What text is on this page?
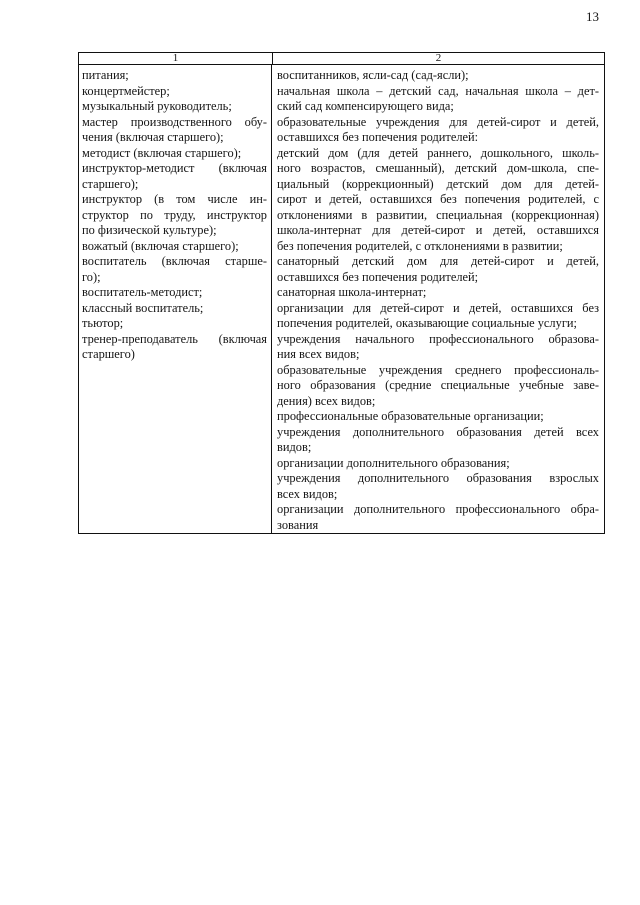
13
1	2
питания;
концертмейстер;
музыкальный руководитель;
мастер производственного обу-
чения (включая старшего);
методист (включая старшего);
инструктор-методист (включая
старшего);
инструктор (в том числе ин-
структор по труду, инструктор
по физической культуре);
вожатый (включая старшего);
воспитатель (включая старше-
го);
воспитатель-методист;
классный воспитатель;
тьютор;
тренер-преподаватель (включая
старшего)
воспитанников, ясли-сад (сад-ясли);
начальная школа – детский сад, начальная школа – дет-
ский сад компенсирующего вида;
образовательные учреждения для детей-сирот и детей,
оставшихся без попечения родителей:
детский дом (для детей раннего, дошкольного, школь-
ного возрастов, смешанный), детский дом-школа, спе-
циальный (коррекционный) детский дом для детей-
сирот и детей, оставшихся без попечения родителей, с
отклонениями в развитии, специальная (коррекционная)
школа-интернат для детей-сирот и детей, оставшихся
без попечения родителей, с отклонениями в развитии;
санаторный детский дом для детей-сирот и детей,
оставшихся без попечения родителей;
санаторная школа-интернат;
организации для детей-сирот и детей, оставшихся без
попечения родителей, оказывающие социальные услуги;
учреждения начального профессионального образова-
ния всех видов;
образовательные учреждения среднего профессиональ-
ного образования (средние специальные учебные заве-
дения) всех видов;
профессиональные образовательные организации;
учреждения дополнительного образования детей всех
видов;
организации дополнительного образования;
учреждения дополнительного образования взрослых
всех видов;
организации дополнительного профессионального обра-
зования
